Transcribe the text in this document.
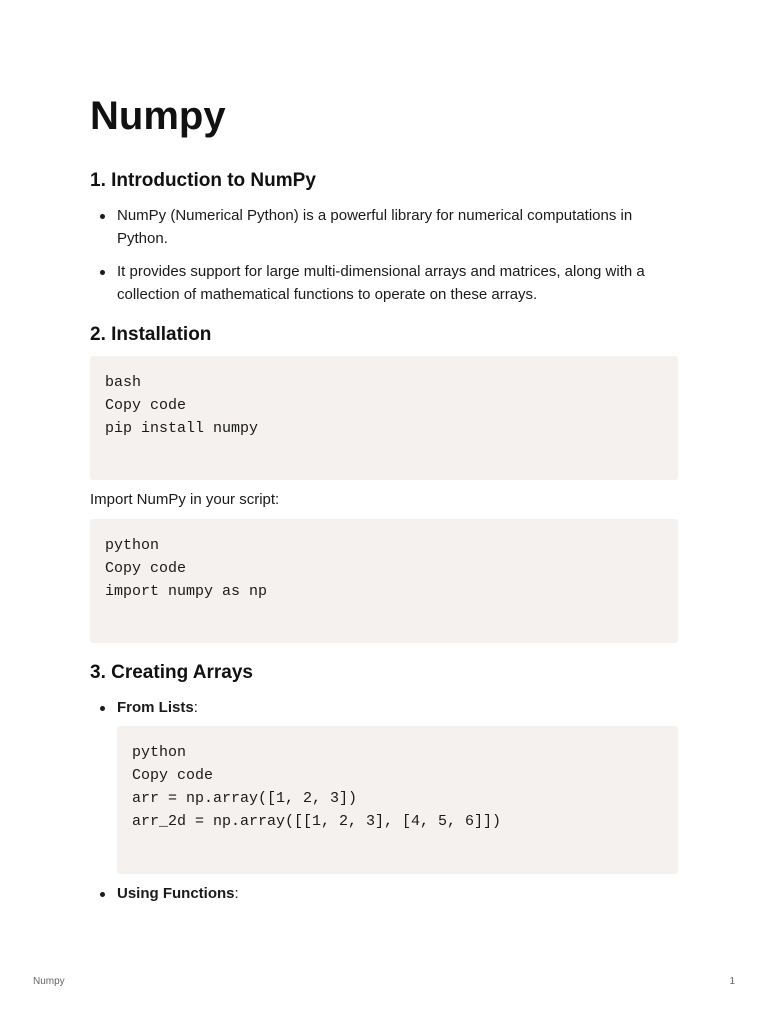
Numpy
1. Introduction to NumPy
NumPy (Numerical Python) is a powerful library for numerical computations in Python.
It provides support for large multi-dimensional arrays and matrices, along with a collection of mathematical functions to operate on these arrays.
2. Installation
bash
Copy code
pip install numpy

Import NumPy in your script:

python
Copy code
import numpy as np
3. Creating Arrays
From Lists:
python
Copy code
arr = np.array([1, 2, 3])
arr_2d = np.array([[1, 2, 3], [4, 5, 6]])
Using Functions:
Numpy	1
